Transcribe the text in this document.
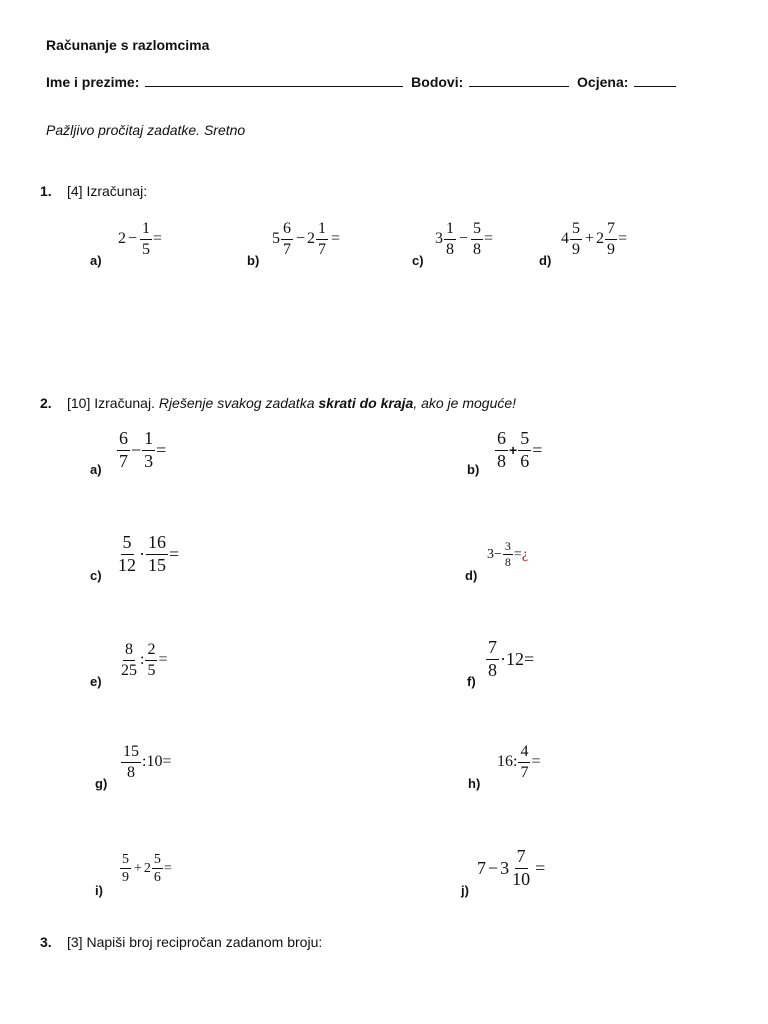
Računanje s razlomcima
Ime i prezime:	Bodovi:	Ocjena:
Pažljivo pročitaj zadatke. Sretno
1. [4] Izračunaj:
a)
$2 - \frac{1}{5}$ =
b)
$5 \frac{6}{7} - 2 \frac{1}{7}$ =
c)
$3 \frac{1}{8} - \frac{5}{8}$ =
d)
$4 \frac{5}{9} + 2 \frac{7}{9}$ =
2. [10] Izračunaj. Rješenje svakog zadatka skrati do kraja, ako je moguće!
$a) \frac{6}{7} - \frac{1}{3}$ =
$b) \frac{6}{8} + \frac{5}{6}$ =
$c) \frac{5}{12} \cdot \frac{16}{15}$ =
d)
$3 - \frac{3}{8}$ = ¿
e)
$\frac{8}{25}$ : $\frac{2}{5}$ =
f)
$\frac{7}{8} \cdot 12$ =
g)
$\frac{15}{8}$ : 10 =
h)
16 : $\frac{4}{7}$ =
i)
$\frac{5}{9} + 2 \frac{5}{6}$ =
j)
$7 - 3 \frac{7}{10}$ =
3. [3] Napiši broj recipročan zadanom broju:
